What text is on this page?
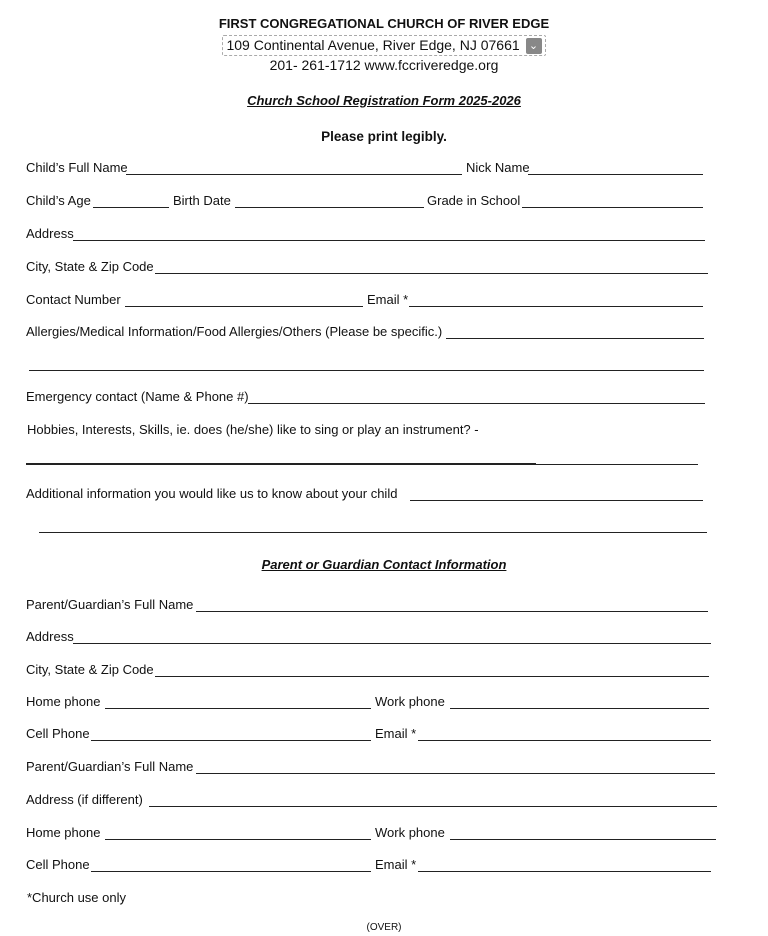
FIRST CONGREGATIONAL CHURCH OF RIVER EDGE
109 Continental Avenue, River Edge, NJ 07661 ⌄
201- 261-1712 www.fccriveredge.org
Church School Registration Form 2025-2026
Please print legibly.
Child’s Full Name	Nick Name
Child’s Age	Birth Date	Grade in School
Address
City, State & Zip Code
Contact Number	Email *
Allergies/Medical Information/Food Allergies/Others (Please be specific.)
Emergency contact (Name & Phone #)
Hobbies, Interests, Skills, ie. does (he/she) like to sing or play an instrument? -
Additional information you would like us to know about your child
Parent or Guardian Contact Information
Parent/Guardian’s Full Name
Address
City, State & Zip Code
Home phone	Work phone
Cell Phone	Email *
Parent/Guardian’s Full Name
Address (if different)
Home phone	Work phone
Cell Phone	Email *
*Church use only
(OVER)
